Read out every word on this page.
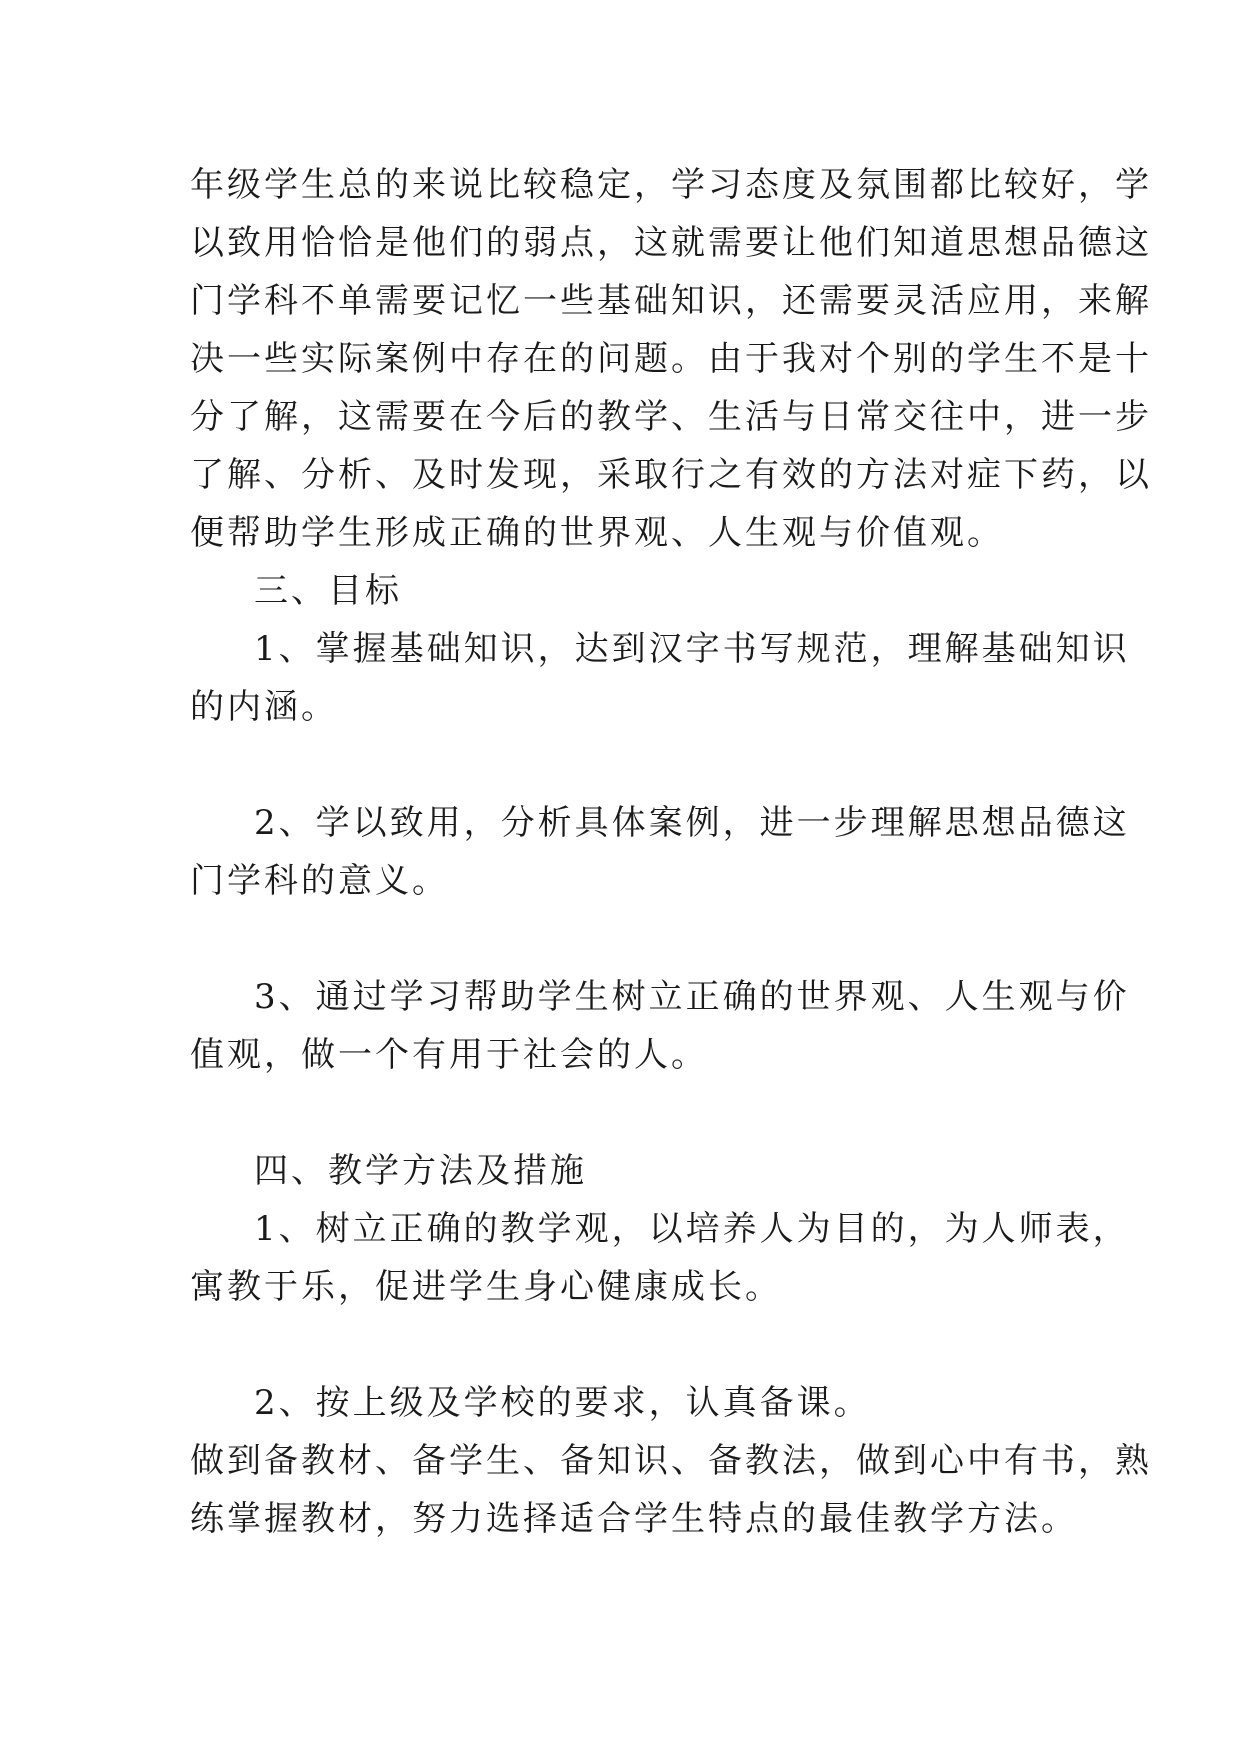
年级学生总的来说比较稳定，学习态度及氛围都比较好，学

以致用恰恰是他们的弱点，这就需要让他们知道思想品德这

门学科不单需要记忆一些基础知识，还需要灵活应用，来解

决一些实际案例中存在的问题。由于我对个别的学生不是十

分了解，这需要在今后的教学、生活与日常交往中，进一步

了解、分析、及时发现，采取行之有效的方法对症下药，以

便帮助学生形成正确的世界观、人生观与价值观。

三、目标

1、掌握基础知识，达到汉字书写规范，理解基础知识

的内涵。

2、学以致用，分析具体案例，进一步理解思想品德这

门学科的意义。

3、通过学习帮助学生树立正确的世界观、人生观与价

值观，做一个有用于社会的人。

四、教学方法及措施

1、树立正确的教学观，以培养人为目的，为人师表，

寓教于乐，促进学生身心健康成长。

2、按上级及学校的要求，认真备课。

做到备教材、备学生、备知识、备教法，做到心中有书，熟

练掌握教材，努力选择适合学生特点的最佳教学方法。
